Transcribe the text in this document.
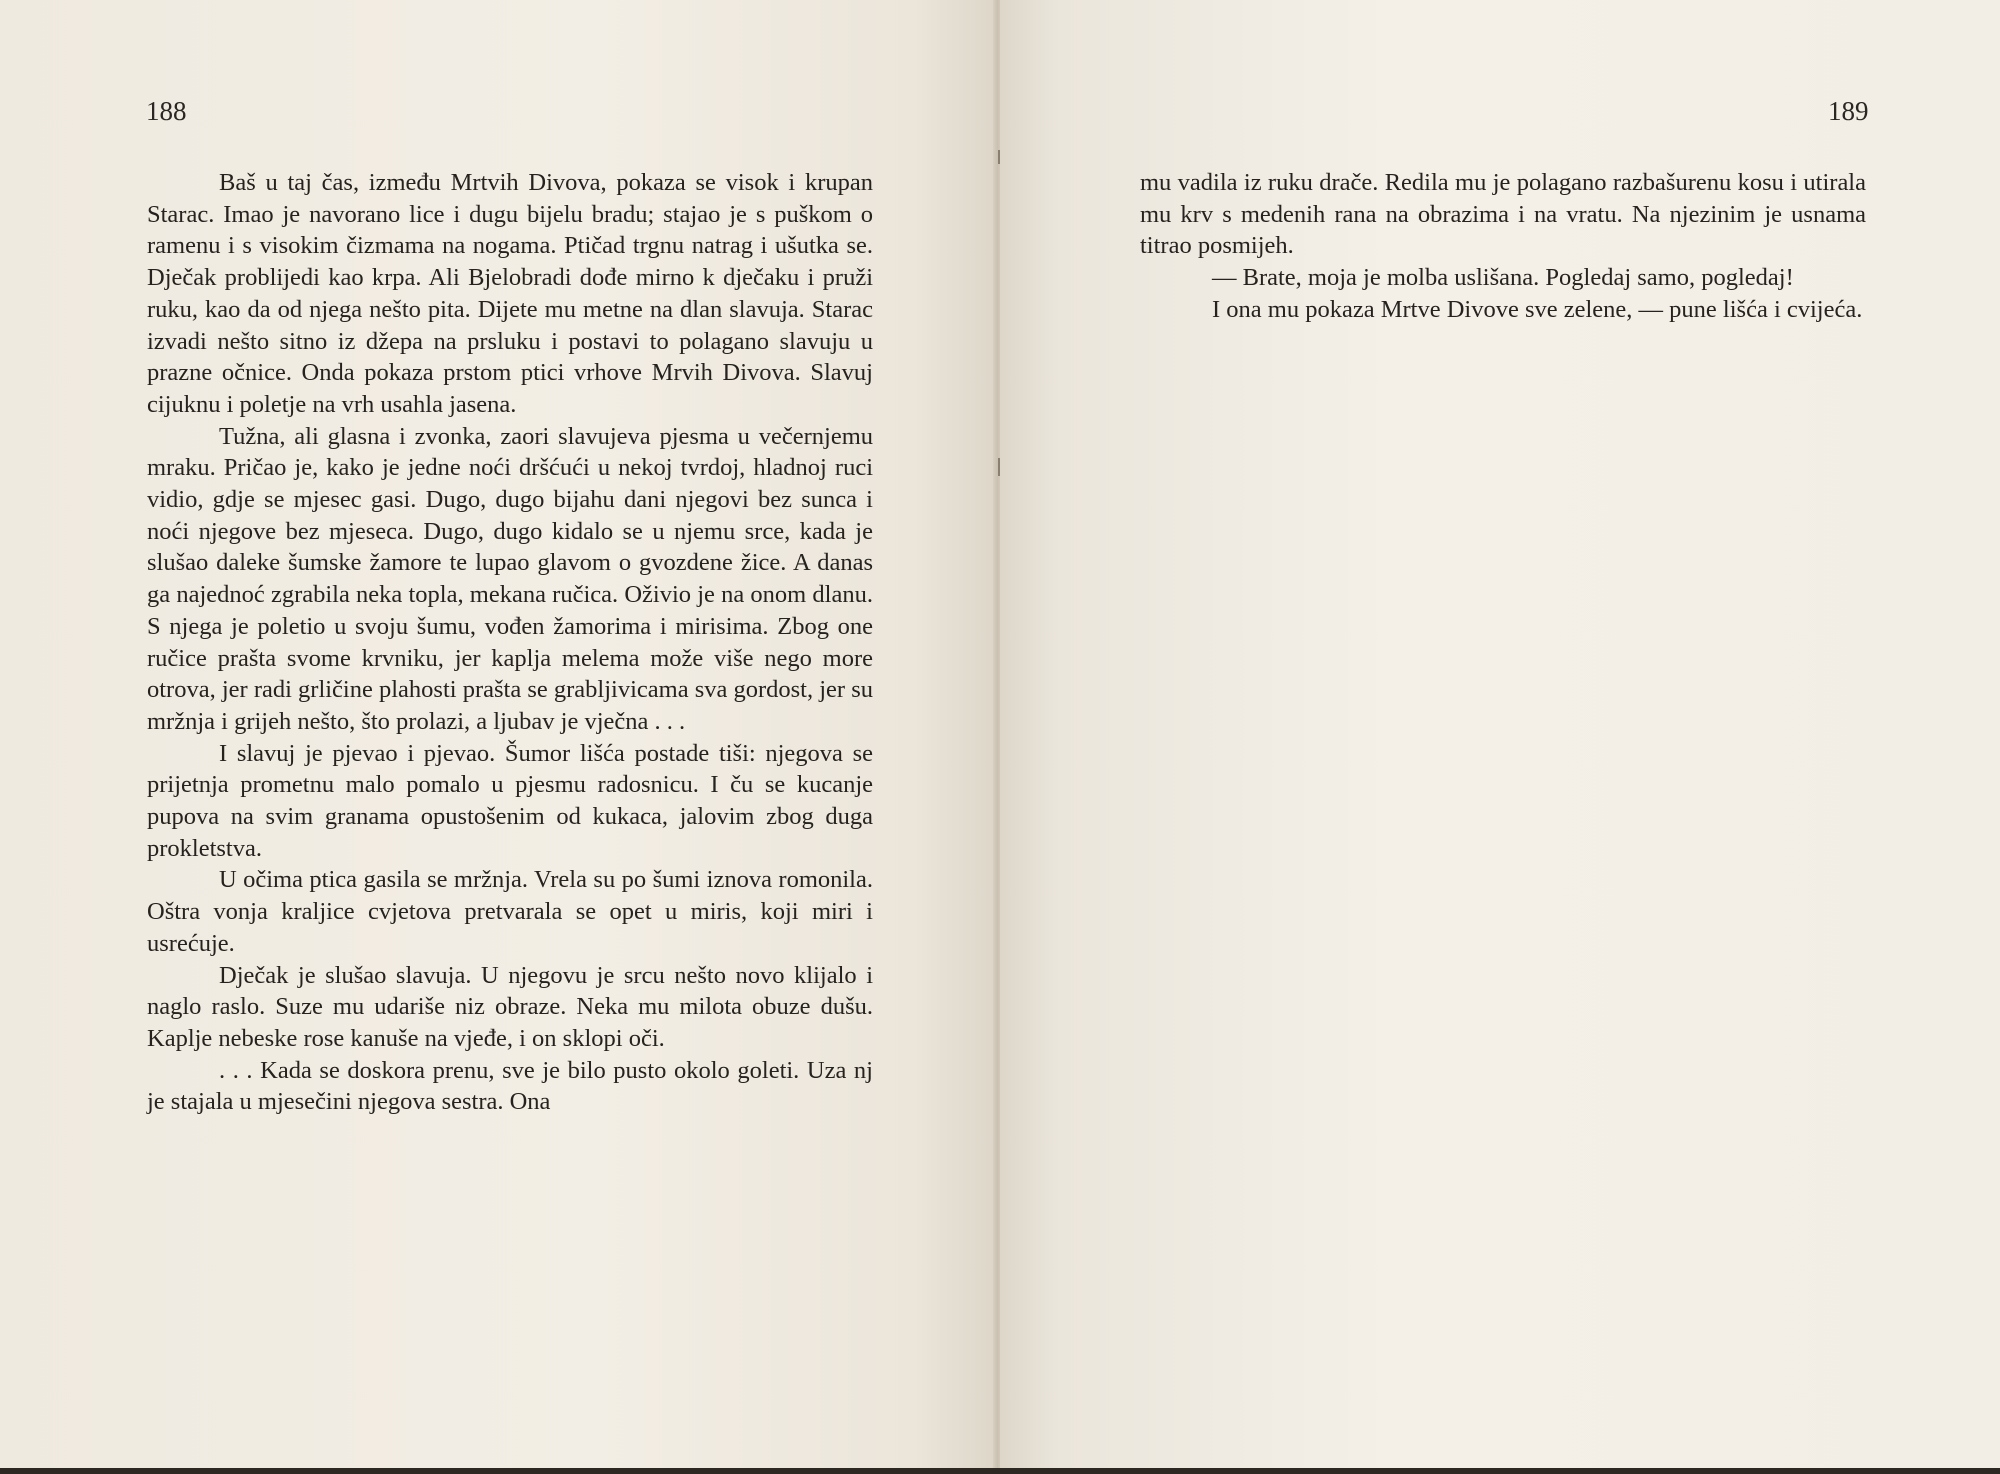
188

Baš u taj čas, između Mrtvih Divova, pokaza se visok i krupan Starac. Imao je navorano lice i dugu bijelu bradu; stajao je s puškom o ramenu i s visokim čizmama na nogama. Ptičad trgnu natrag i ušutka se. Dječak problijedi kao krpa. Ali Bjelobradi dođe mirno k dječaku i pruži ruku, kao da od njega nešto pita. Dijete mu metne na dlan slavuja. Starac izvadi nešto sitno iz džepa na prsluku i postavi to polagano slavuju u prazne očnice. Onda pokaza prstom ptici vrhove Mrvih Divova. Slavuj cijuknu i poletje na vrh usahla jasena.

Tužna, ali glasna i zvonka, zaori slavujeva pjesma u večernjemu mraku. Pričao je, kako je jedne noći dršćući u nekoj tvrdoj, hladnoj ruci vidio, gdje se mjesec gasi. Dugo, dugo bijahu dani njegovi bez sunca i noći njegove bez mjeseca. Dugo, dugo kidalo se u njemu srce, kada je slušao daleke šumske žamore te lupao glavom o gvozdene žice. A danas ga najednoć zgrabila neka topla, mekana ručica. Oživio je na onom dlanu. S njega je poletio u svoju šumu, vođen žamorima i mirisima. Zbog one ručice prašta svome krvniku, jer kaplja melema može više nego more otrova, jer radi grličine plahosti prašta se grabljivicama sva gordost, jer su mržnja i grijeh nešto, što prolazi, a ljubav je vječna . . .

I slavuj je pjevao i pjevao. Šumor lišća postade tiši: njegova se prijetnja prometnu malo pomalo u pjesmu radosnicu. I ču se kucanje pupova na svim granama opustošenim od kukaca, jalovim zbog duga prokletstva.

U očima ptica gasila se mržnja. Vrela su po šumi iznova romonila. Oštra vonja kraljice cvjetova pretvarala se opet u miris, koji miri i usrećuje.

Dječak je slušao slavuja. U njegovu je srcu nešto novo klijalo i naglo raslo. Suze mu udariše niz obraze. Neka mu milota obuze dušu. Kaplje nebeske rose kanuše na vjeđe, i on sklopi oči.

. . . Kada se doskora prenu, sve je bilo pusto okolo goleti. Uza nj je stajala u mjesečini njegova sestra. Ona

189

mu vadila iz ruku drače. Redila mu je polagano razbašurenu kosu i utirala mu krv s medenih rana na obrazima i na vratu. Na njezinim je usnama titrao posmijeh.

— Brate, moja je molba uslišana. Pogledaj samo, pogledaj!

I ona mu pokaza Mrtve Divove sve zelene, — pune lišća i cvijeća.
